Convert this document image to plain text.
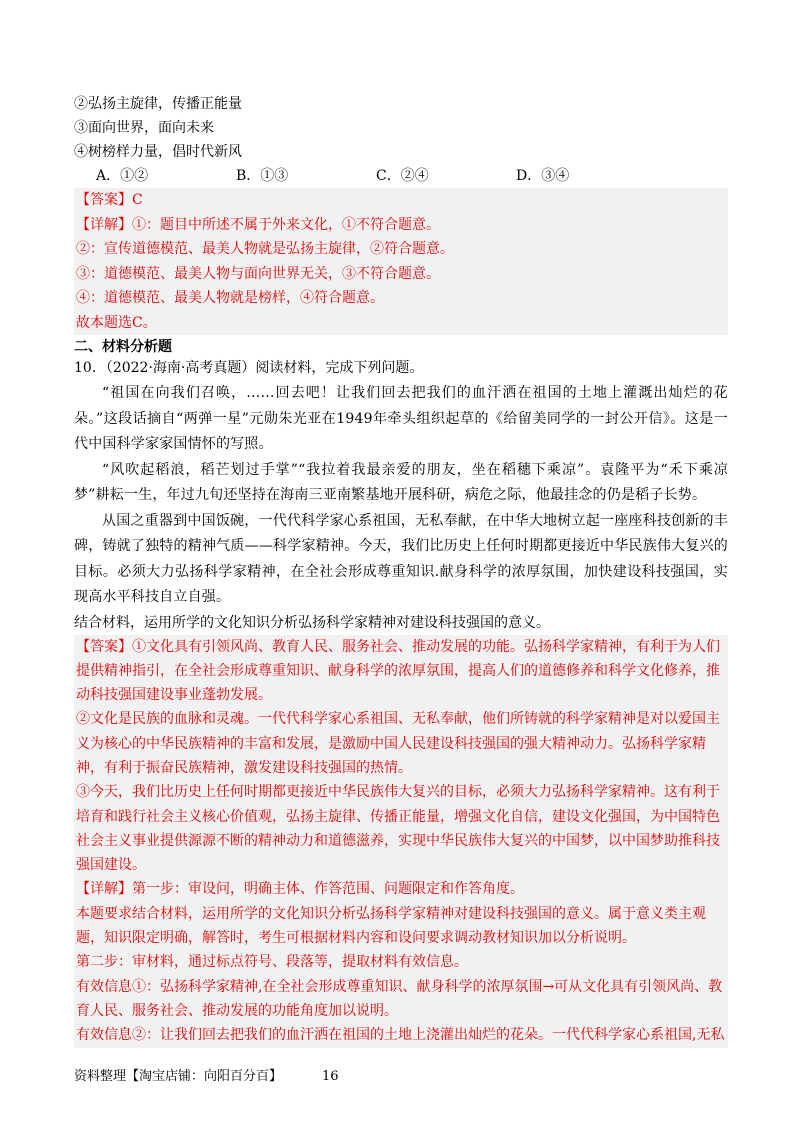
②弘扬主旋律，传播正能量
③面向世界，面向未来
④树榜样力量，倡时代新风
A．①②	B．①③	C．②④	D．③④
【答案】C
【详解】①：题目中所述不属于外来文化，①不符合题意。
②：宣传道德模范、最美人物就是弘扬主旋律，②符合题意。
③：道德模范、最美人物与面向世界无关，③不符合题意。
④：道德模范、最美人物就是榜样，④符合题意。
故本题选C。
二、材料分析题
10．（2022·海南·高考真题）阅读材料，完成下列问题。
“祖国在向我们召唤，……回去吧！让我们回去把我们的血汗洒在祖国的土地上灌溉出灿烂的花朵。”这段话摘自“两弹一星”元勋朱光亚在1949年牵头组织起草的《给留美同学的一封公开信》。这是一代中国科学家家国情怀的写照。
“风吹起稻浪，稻芒划过手掌”“我拉着我最亲爱的朋友，坐在稻穗下乘凉”。袁隆平为“禾下乘凉梦”耕耘一生，年过九旬还坚持在海南三亚南繁基地开展科研，病危之际，他最挂念的仍是稻子长势。
从国之重器到中国饭碗，一代代科学家心系祖国，无私奉献，在中华大地树立起一座座科技创新的丰碑，铸就了独特的精神气质——科学家精神。今天，我们比历史上任何时期都更接近中华民族伟大复兴的目标。必须大力弘扬科学家精神，在全社会形成尊重知识.献身科学的浓厚氛围，加快建设科技强国，实现高水平科技自立自强。
结合材料，运用所学的文化知识分析弘扬科学家精神对建设科技强国的意义。
【答案】①文化具有引领风尚、教育人民、服务社会、推动发展的功能。弘扬科学家精神，有利于为人们提供精神指引，在全社会形成尊重知识、献身科学的浓厚氛围，提高人们的道德修养和科学文化修养，推动科技强国建设事业蓬勃发展。
②文化是民族的血脉和灵魂。一代代科学家心系祖国、无私奉献，他们所铸就的科学家精神是对以爱国主义为核心的中华民族精神的丰富和发展，是激励中国人民建设科技强国的强大精神动力。弘扬科学家精神，有利于振奋民族精神，激发建设科技强国的热情。
③今天，我们比历史上任何时期都更接近中华民族伟大复兴的目标，必须大力弘扬科学家精神。这有利于培育和践行社会主义核心价值观，弘扬主旋律、传播正能量，增强文化自信，建设文化强国，为中国特色社会主义事业提供源源不断的精神动力和道德滋养，实现中华民族伟大复兴的中国梦，以中国梦助推科技强国建设。
【详解】第一步：审设问，明确主体、作答范围、问题限定和作答角度。
本题要求结合材料，运用所学的文化知识分析弘扬科学家精神对建设科技强国的意义。属于意义类主观题，知识限定明确，解答时，考生可根据材料内容和设问要求调动教材知识加以分析说明。
第二步：审材料，通过标点符号、段落等，提取材料有效信息。
有效信息①：弘扬科学家精神,在全社会形成尊重知识、献身科学的浓厚氛围→可从文化具有引领风尚、教育人民、服务社会、推动发展的功能角度加以说明。
有效信息②：让我们回去把我们的血汗洒在祖国的土地上浇灌出灿烂的花朵。一代代科学家心系祖国,无私
资料整理【淘宝店铺：向阳百分百】	16
